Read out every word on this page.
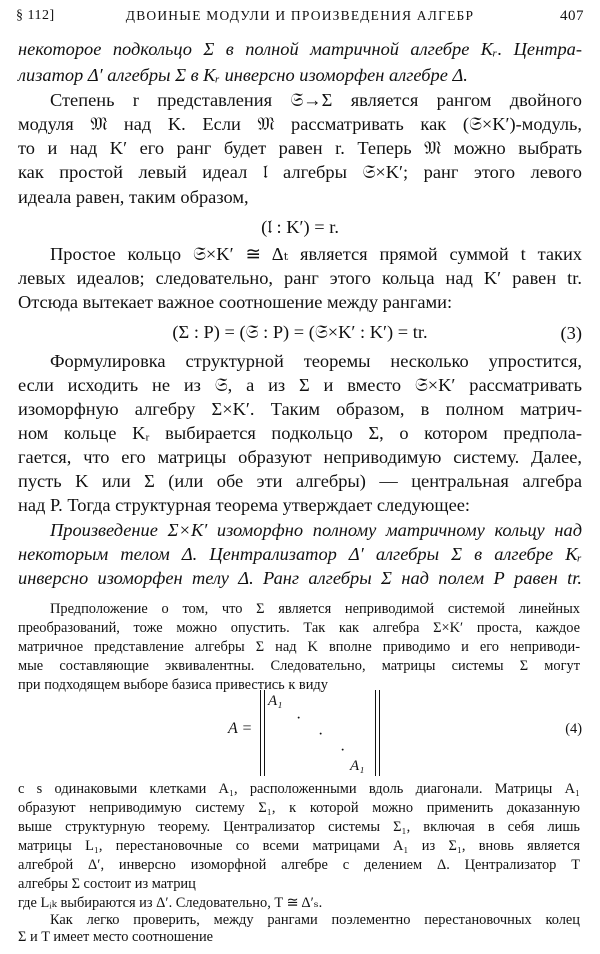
§ 112]	ДВОИНЫЕ МОДУЛИ И ПРОИЗВЕДЕНИЯ АЛГЕБР	407
некоторое подкольцо Σ в полной матричной алгебре Κᵣ. Центра-
лизатор Δ′ алгебры Σ в Κᵣ инверсно изоморфен алгебре Δ.
Степень r представления 𝔖→Σ является рангом двойного
модуля 𝔐 над Κ. Если 𝔐 рассматривать как (𝔖×Κ′)-модуль,
то и над Κ′ его ранг будет равен r. Теперь 𝔐 можно выбрать
как простой левый идеал 𝔩 алгебры 𝔖×Κ′; ранг этого левого
идеала равен, таким образом,
(𝔩 : Κ′) = r.
Простое кольцо 𝔖×Κ′ ≅ Δₜ является прямой суммой t таких
левых идеалов; следовательно, ранг этого кольца над Κ′ равен tr.
Отсюда вытекает важное соотношение между рангами:
(Σ : Ρ) = (𝔖 : Ρ) = (𝔖×Κ′ : Κ′) = tr.	(3)
Формулировка структурной теоремы несколько упростится,
если исходить не из 𝔖, а из Σ и вместо 𝔖×Κ′ рассматривать
изоморфную алгебру Σ×Κ′. Таким образом, в полном матрич-
ном кольце Κᵣ выбирается подкольцо Σ, о котором предпола-
гается, что его матрицы образуют неприводимую систему. Далее,
пусть Κ или Σ (или обе эти алгебры) — центральная алгебра
над Ρ. Тогда структурная теорема утверждает следующее:
Произведение Σ×Κ′ изоморфно полному матричному кольцу над
некоторым телом Δ. Централизатор Δ′ алгебры Σ в алгебре Κᵣ
инверсно изоморфен телу Δ. Ранг алгебры Σ над полем Ρ равен tr.
Предположение о том, что Σ является неприводимой системой линейных
преобразований, тоже можно опустить. Так как алгебра Σ×Κ′ проста, каждое
матричное представление алгебры Σ над Κ вполне приводимо и его неприводи-
мые составляющие эквивалентны. Следовательно, матрицы системы Σ могут
при подходящем выборе базиса привестись к виду
A =
A₁
·
·
·
A₁
(4)
с s одинаковыми клетками A₁, расположенными вдоль диагонали. Матрицы A₁
образуют неприводимую систему Σ₁, к которой можно применить доказанную
выше структурную теорему. Централизатор системы Σ₁, включая в себя лишь
матрицы L₁, перестановочные со всеми матрицами A₁ из Σ₁, вновь является
алгеброй Δ′, инверсно изоморфной алгебре с делением Δ. Централизатор Τ
алгебры Σ состоит из матриц
где Lᵢₖ выбираются из Δ′. Следовательно, Τ ≅ Δ′ₛ.
Как легко проверить, между рангами поэлементно перестановочных колец
Σ и Τ имеет место соотношение
